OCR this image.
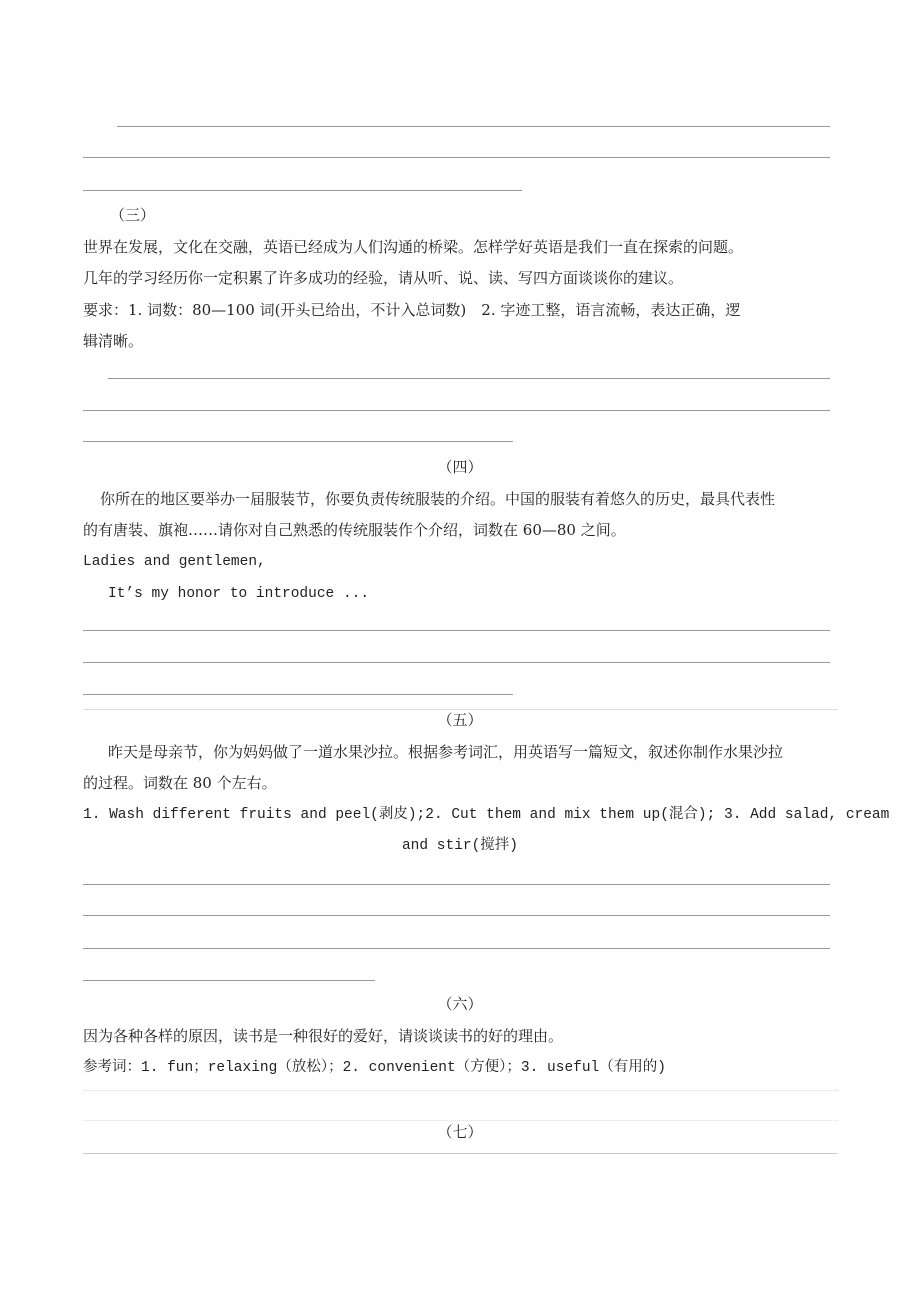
（三）
世界在发展，文化在交融，英语已经成为人们沟通的桥梁。怎样学好英语是我们一直在探索的问题。
几年的学习经历你一定积累了许多成功的经验，请从听、说、读、写四方面谈谈你的建议。
要求：1. 词数：80—100 词(开头已给出，不计入总词数)　2. 字迹工整，语言流畅，表达正确，逻
辑清晰。
（四）
你所在的地区要举办一届服装节，你要负责传统服装的介绍。中国的服装有着悠久的历史，最具代表性
的有唐装、旗袍……请你对自己熟悉的传统服装作个介绍，词数在 60—80 之间。
Ladies and gentlemen,
It’s my honor to introduce ...
（五）
昨天是母亲节，你为妈妈做了一道水果沙拉。根据参考词汇，用英语写一篇短文，叙述你制作水果沙拉
的过程。词数在 80 个左右。
1. Wash different fruits and peel(剥皮);2. Cut them and mix them up(混合); 3. Add salad, cream
and stir(搅拌)
（六）
因为各种各样的原因，读书是一种很好的爱好，请谈谈读书的好的理由。
参考词：1. fun；relaxing（放松）；2. convenient（方便）；3. useful（有用的)
（七）
